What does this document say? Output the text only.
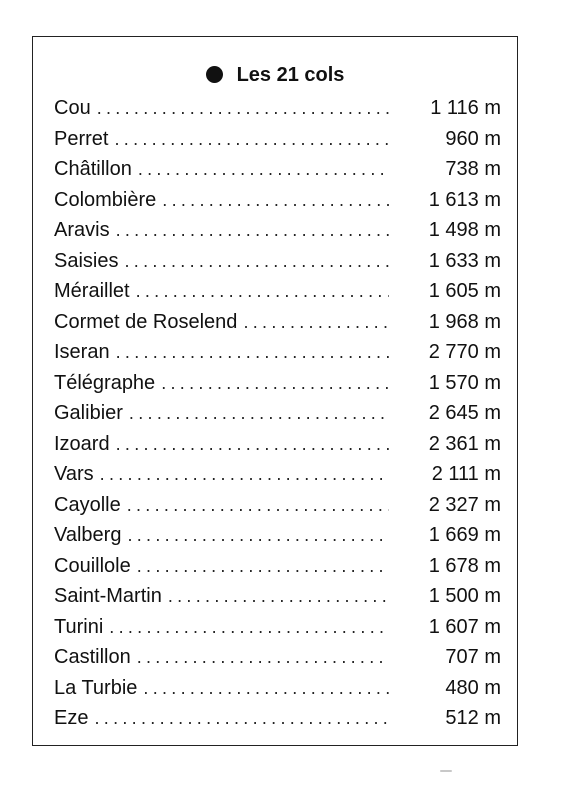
Les 21 cols
Cou .....	1 116 m
Perret .....	960 m
Châtillon .....	738 m
Colombière .....	1 613 m
Aravis .....	1 498 m
Saisies .....	1 633 m
Méraillet .....	1 605 m
Cormet de Roselend .....	1 968 m
Iseran .....	2 770 m
Télégraphe .....	1 570 m
Galibier .....	2 645 m
Izoard .....	2 361 m
Vars .....	2 111 m
Cayolle .....	2 327 m
Valberg .....	1 669 m
Couillole .....	1 678 m
Saint-Martin .....	1 500 m
Turini .....	1 607 m
Castillon .....	707 m
La Turbie .....	480 m
Eze .....	512 m
